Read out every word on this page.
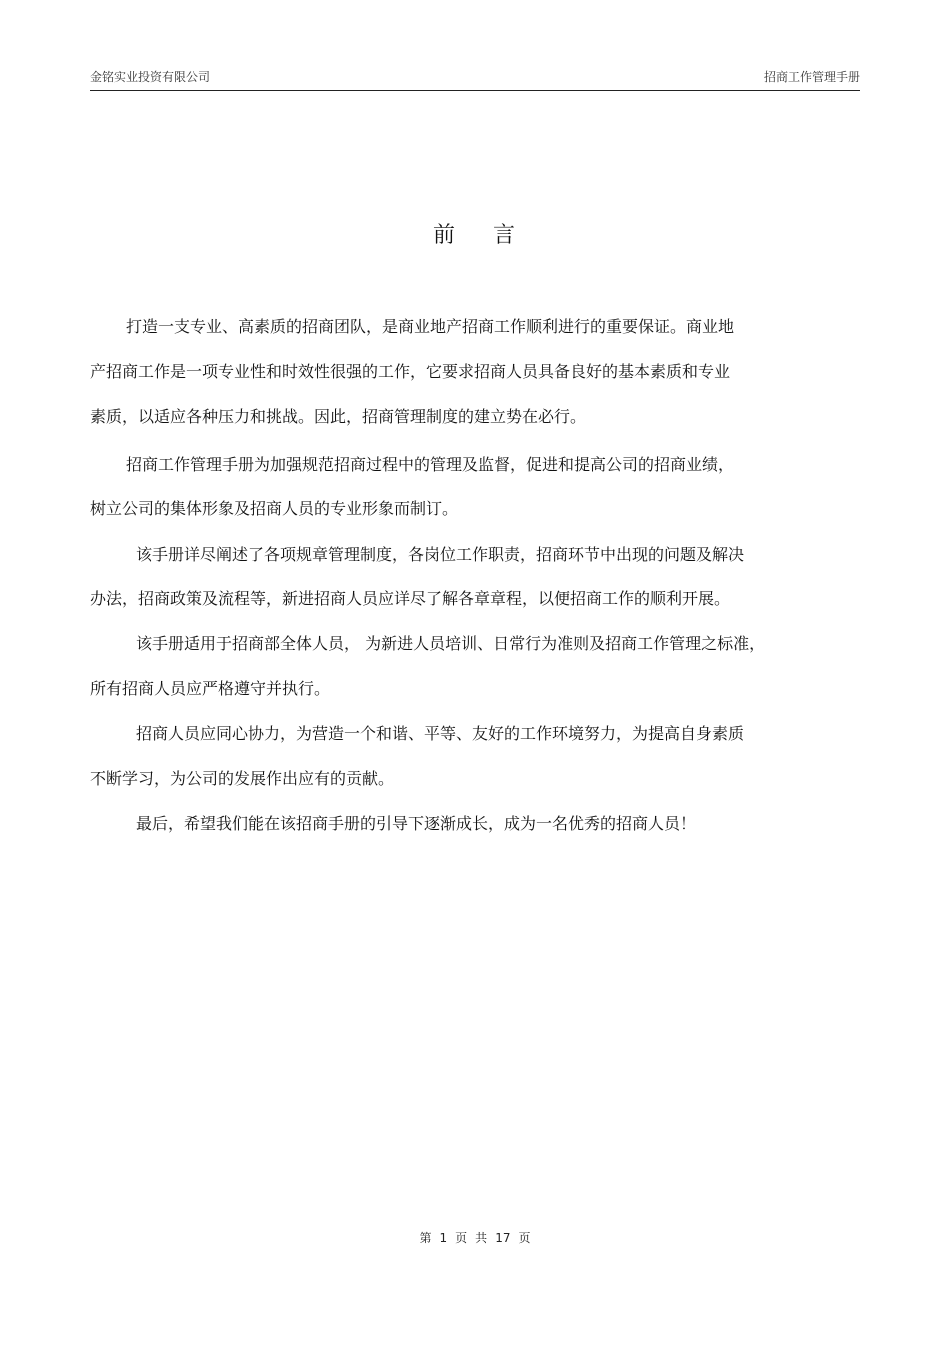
金铭实业投资有限公司	招商工作管理手册
前 言
打造一支专业、高素质的招商团队，是商业地产招商工作顺利进行的重要保证。商业地
产招商工作是一项专业性和时效性很强的工作，它要求招商人员具备良好的基本素质和专业
素质，以适应各种压力和挑战。因此，招商管理制度的建立势在必行。
招商工作管理手册为加强规范招商过程中的管理及监督，促进和提高公司的招商业绩，
树立公司的集体形象及招商人员的专业形象而制订。
该手册详尽阐述了各项规章管理制度，各岗位工作职责，招商环节中出现的问题及解决
办法，招商政策及流程等，新进招商人员应详尽了解各章章程，以便招商工作的顺利开展。
该手册适用于招商部全体人员， 为新进人员培训、日常行为准则及招商工作管理之标准，
所有招商人员应严格遵守并执行。
招商人员应同心协力，为营造一个和谐、平等、友好的工作环境努力，为提高自身素质
不断学习，为公司的发展作出应有的贡献。
最后，希望我们能在该招商手册的引导下逐渐成长，成为一名优秀的招商人员！
第 1 页 共 17 页
